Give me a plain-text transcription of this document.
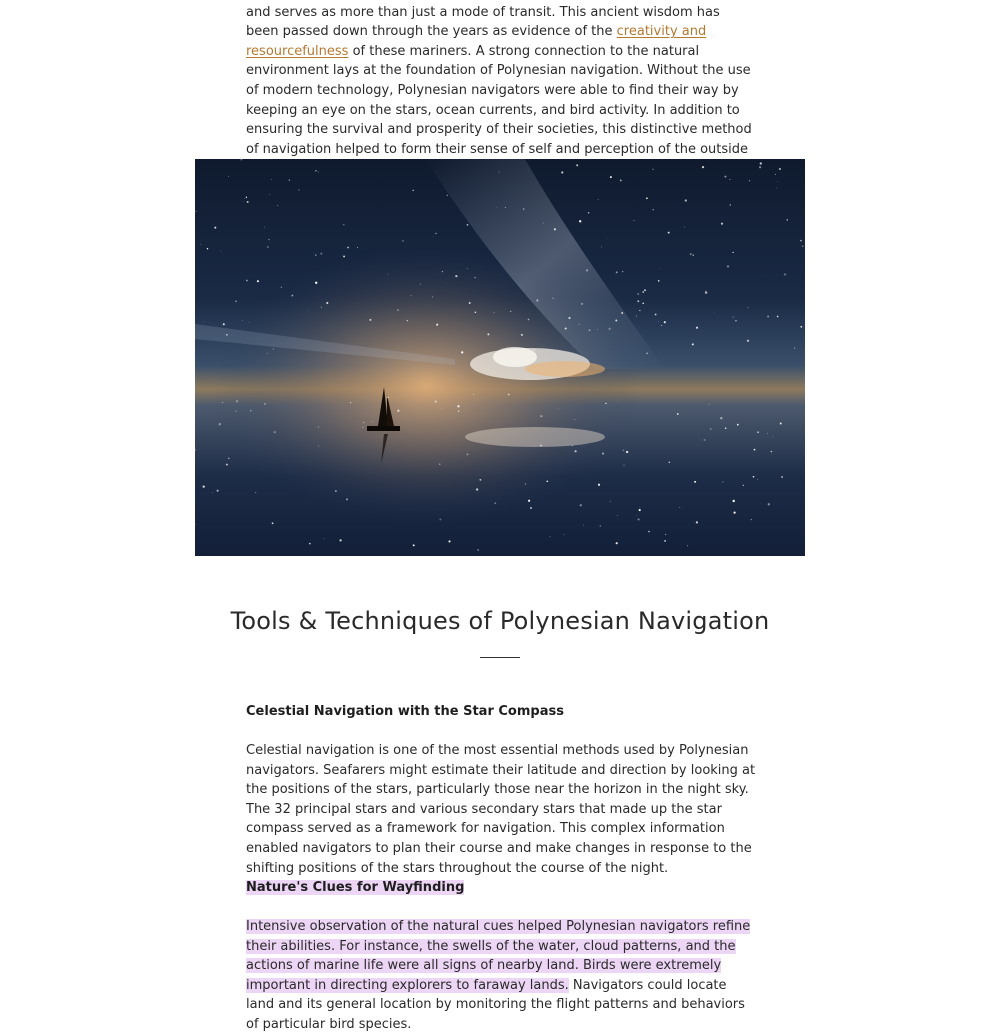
and serves as more than just a mode of transit. This ancient wisdom has been passed down through the years as evidence of the creativity and resourcefulness of these mariners. A strong connection to the natural environment lays at the foundation of Polynesian navigation. Without the use of modern technology, Polynesian navigators were able to find their way by keeping an eye on the stars, ocean currents, and bird activity. In addition to ensuring the survival and prosperity of their societies, this distinctive method of navigation helped to form their sense of self and perception of the outside

Tools & Techniques of Polynesian Navigation

Celestial Navigation with the Star Compass

Celestial navigation is one of the most essential methods used by Polynesian navigators. Seafarers might estimate their latitude and direction by looking at the positions of the stars, particularly those near the horizon in the night sky. The 32 principal stars and various secondary stars that made up the star compass served as a framework for navigation. This complex information enabled navigators to plan their course and make changes in response to the shifting positions of the stars throughout the course of the night.

Nature's Clues for Wayfinding

Intensive observation of the natural cues helped Polynesian navigators refine their abilities. For instance, the swells of the water, cloud patterns, and the actions of marine life were all signs of nearby land. Birds were extremely important in directing explorers to faraway lands. Navigators could locate land and its general location by monitoring the flight patterns and behaviors of particular bird species.
